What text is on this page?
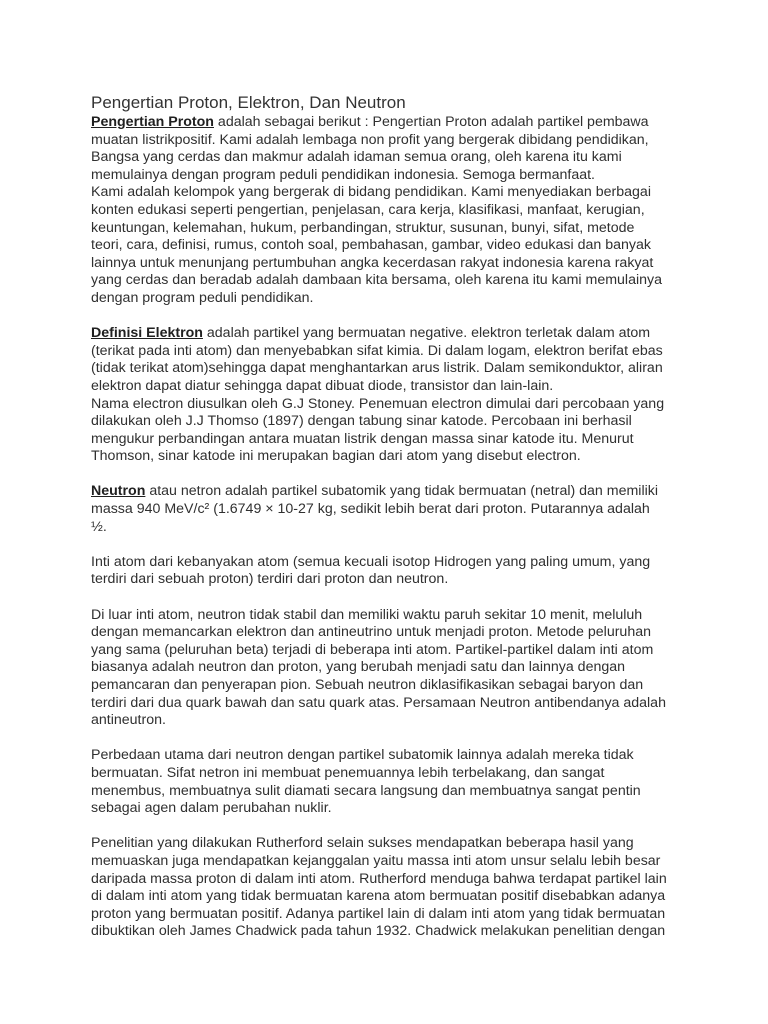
Pengertian Proton, Elektron, Dan Neutron

Pengertian Proton adalah sebagai berikut : Pengertian Proton adalah partikel pembawa
muatan listrikpositif. Kami adalah lembaga non profit yang bergerak dibidang pendidikan,
Bangsa yang cerdas dan makmur adalah idaman semua orang, oleh karena itu kami
memulainya dengan program peduli pendidikan indonesia. Semoga bermanfaat.
Kami adalah kelompok yang bergerak di bidang pendidikan. Kami menyediakan berbagai
konten edukasi seperti pengertian, penjelasan, cara kerja, klasifikasi, manfaat, kerugian,
keuntungan, kelemahan, hukum, perbandingan, struktur, susunan, bunyi, sifat, metode
teori, cara, definisi, rumus, contoh soal, pembahasan, gambar, video edukasi dan banyak
lainnya untuk menunjang pertumbuhan angka kecerdasan rakyat indonesia karena rakyat
yang cerdas dan beradab adalah dambaan kita bersama, oleh karena itu kami memulainya
dengan program peduli pendidikan.

Definisi Elektron adalah partikel yang bermuatan negative. elektron terletak dalam atom
(terikat pada inti atom) dan menyebabkan sifat kimia. Di dalam logam, elektron berifat ebas
(tidak terikat atom)sehingga dapat menghantarkan arus listrik. Dalam semikonduktor, aliran
elektron dapat diatur sehingga dapat dibuat diode, transistor dan lain-lain.
Nama electron diusulkan oleh G.J Stoney. Penemuan electron dimulai dari percobaan yang
dilakukan oleh J.J Thomso (1897) dengan tabung sinar katode. Percobaan ini berhasil
mengukur perbandingan antara muatan listrik dengan massa sinar katode itu. Menurut
Thomson, sinar katode ini merupakan bagian dari atom yang disebut electron.

Neutron atau netron adalah partikel subatomik yang tidak bermuatan (netral) dan memiliki
massa 940 MeV/c² (1.6749 × 10-27 kg, sedikit lebih berat dari proton. Putarannya adalah
½.

Inti atom dari kebanyakan atom (semua kecuali isotop Hidrogen yang paling umum, yang
terdiri dari sebuah proton) terdiri dari proton dan neutron.

Di luar inti atom, neutron tidak stabil dan memiliki waktu paruh sekitar 10 menit, meluluh
dengan memancarkan elektron dan antineutrino untuk menjadi proton. Metode peluruhan
yang sama (peluruhan beta) terjadi di beberapa inti atom. Partikel-partikel dalam inti atom
biasanya adalah neutron dan proton, yang berubah menjadi satu dan lainnya dengan
pemancaran dan penyerapan pion. Sebuah neutron diklasifikasikan sebagai baryon dan
terdiri dari dua quark bawah dan satu quark atas. Persamaan Neutron antibendanya adalah
antineutron.

Perbedaan utama dari neutron dengan partikel subatomik lainnya adalah mereka tidak
bermuatan. Sifat netron ini membuat penemuannya lebih terbelakang, dan sangat
menembus, membuatnya sulit diamati secara langsung dan membuatnya sangat pentin
sebagai agen dalam perubahan nuklir.

Penelitian yang dilakukan Rutherford selain sukses mendapatkan beberapa hasil yang
memuaskan juga mendapatkan kejanggalan yaitu massa inti atom unsur selalu lebih besar
daripada massa proton di dalam inti atom. Rutherford menduga bahwa terdapat partikel lain
di dalam inti atom yang tidak bermuatan karena atom bermuatan positif disebabkan adanya
proton yang bermuatan positif. Adanya partikel lain di dalam inti atom yang tidak bermuatan
dibuktikan oleh James Chadwick pada tahun 1932. Chadwick melakukan penelitian dengan
